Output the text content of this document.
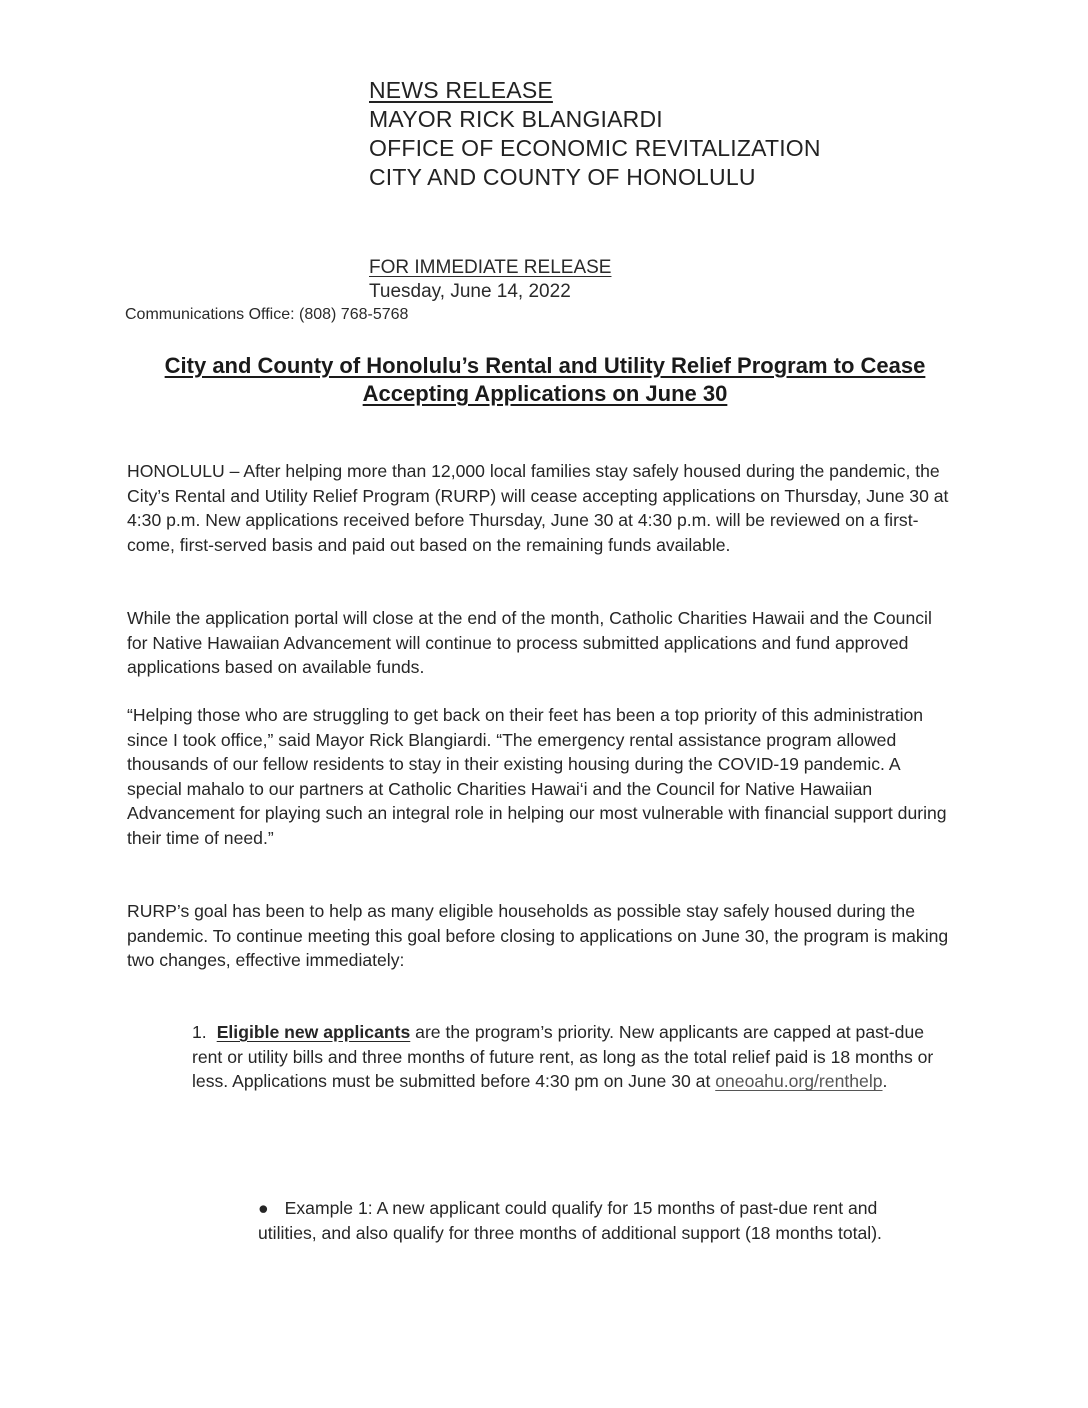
NEWS RELEASE
MAYOR RICK BLANGIARDI
OFFICE OF ECONOMIC REVITALIZATION
CITY AND COUNTY OF HONOLULU
FOR IMMEDIATE RELEASE
Tuesday, June 14, 2022
Communications Office: (808) 768-5768
City and County of Honolulu’s Rental and Utility Relief Program to Cease Accepting Applications on June 30
HONOLULU – After helping more than 12,000 local families stay safely housed during the pandemic, the City’s Rental and Utility Relief Program (RURP) will cease accepting applications on Thursday, June 30 at 4:30 p.m. New applications received before Thursday, June 30 at 4:30 p.m. will be reviewed on a first-come, first-served basis and paid out based on the remaining funds available.
While the application portal will close at the end of the month, Catholic Charities Hawaii and the Council for Native Hawaiian Advancement will continue to process submitted applications and fund approved applications based on available funds.
“Helping those who are struggling to get back on their feet has been a top priority of this administration since I took office,” said Mayor Rick Blangiardi. “The emergency rental assistance program allowed thousands of our fellow residents to stay in their existing housing during the COVID-19 pandemic. A special mahalo to our partners at Catholic Charities Hawai‘i and the Council for Native Hawaiian Advancement for playing such an integral role in helping our most vulnerable with financial support during their time of need.”
RURP’s goal has been to help as many eligible households as possible stay safely housed during the pandemic. To continue meeting this goal before closing to applications on June 30, the program is making two changes, effective immediately:
1. Eligible new applicants are the program’s priority. New applicants are capped at past-due rent or utility bills and three months of future rent, as long as the total relief paid is 18 months or less. Applications must be submitted before 4:30 pm on June 30 at oneoahu.org/renthelp.
● Example 1: A new applicant could qualify for 15 months of past-due rent and utilities, and also qualify for three months of additional support (18 months total).
